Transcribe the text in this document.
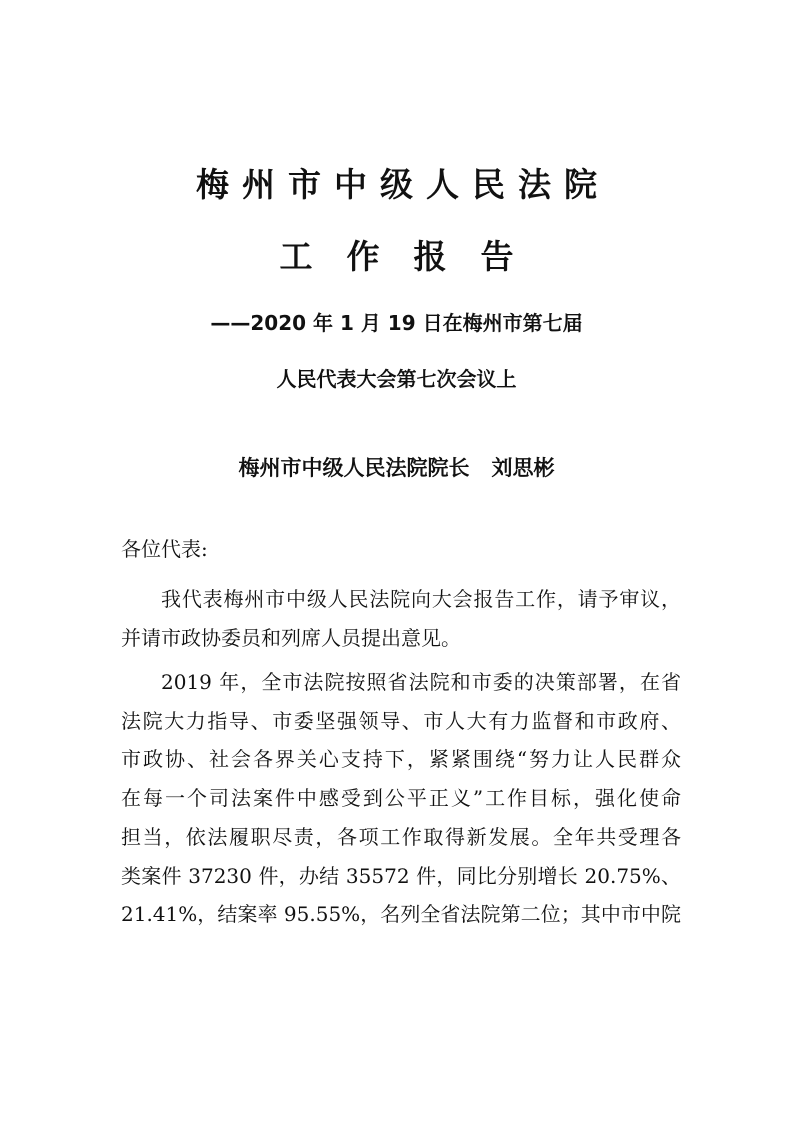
梅州市中级人民法院
工作报告
——2020 年 1 月 19 日在梅州市第七届
人民代表大会第七次会议上
梅州市中级人民法院院长 刘思彬
各位代表:
我代表梅州市中级人民法院向大会报告工作，请予审议，
并请市政协委员和列席人员提出意见。
2019 年，全市法院按照省法院和市委的决策部署，在省
法院大力指导、市委坚强领导、市人大有力监督和市政府、
市政协、社会各界关心支持下，紧紧围绕“努力让人民群众
在每一个司法案件中感受到公平正义”工作目标，强化使命
担当，依法履职尽责，各项工作取得新发展。全年共受理各
类案件 37230 件，办结 35572 件，同比分别增长 20.75%、
21.41%，结案率 95.55%，名列全省法院第二位；其中市中院
